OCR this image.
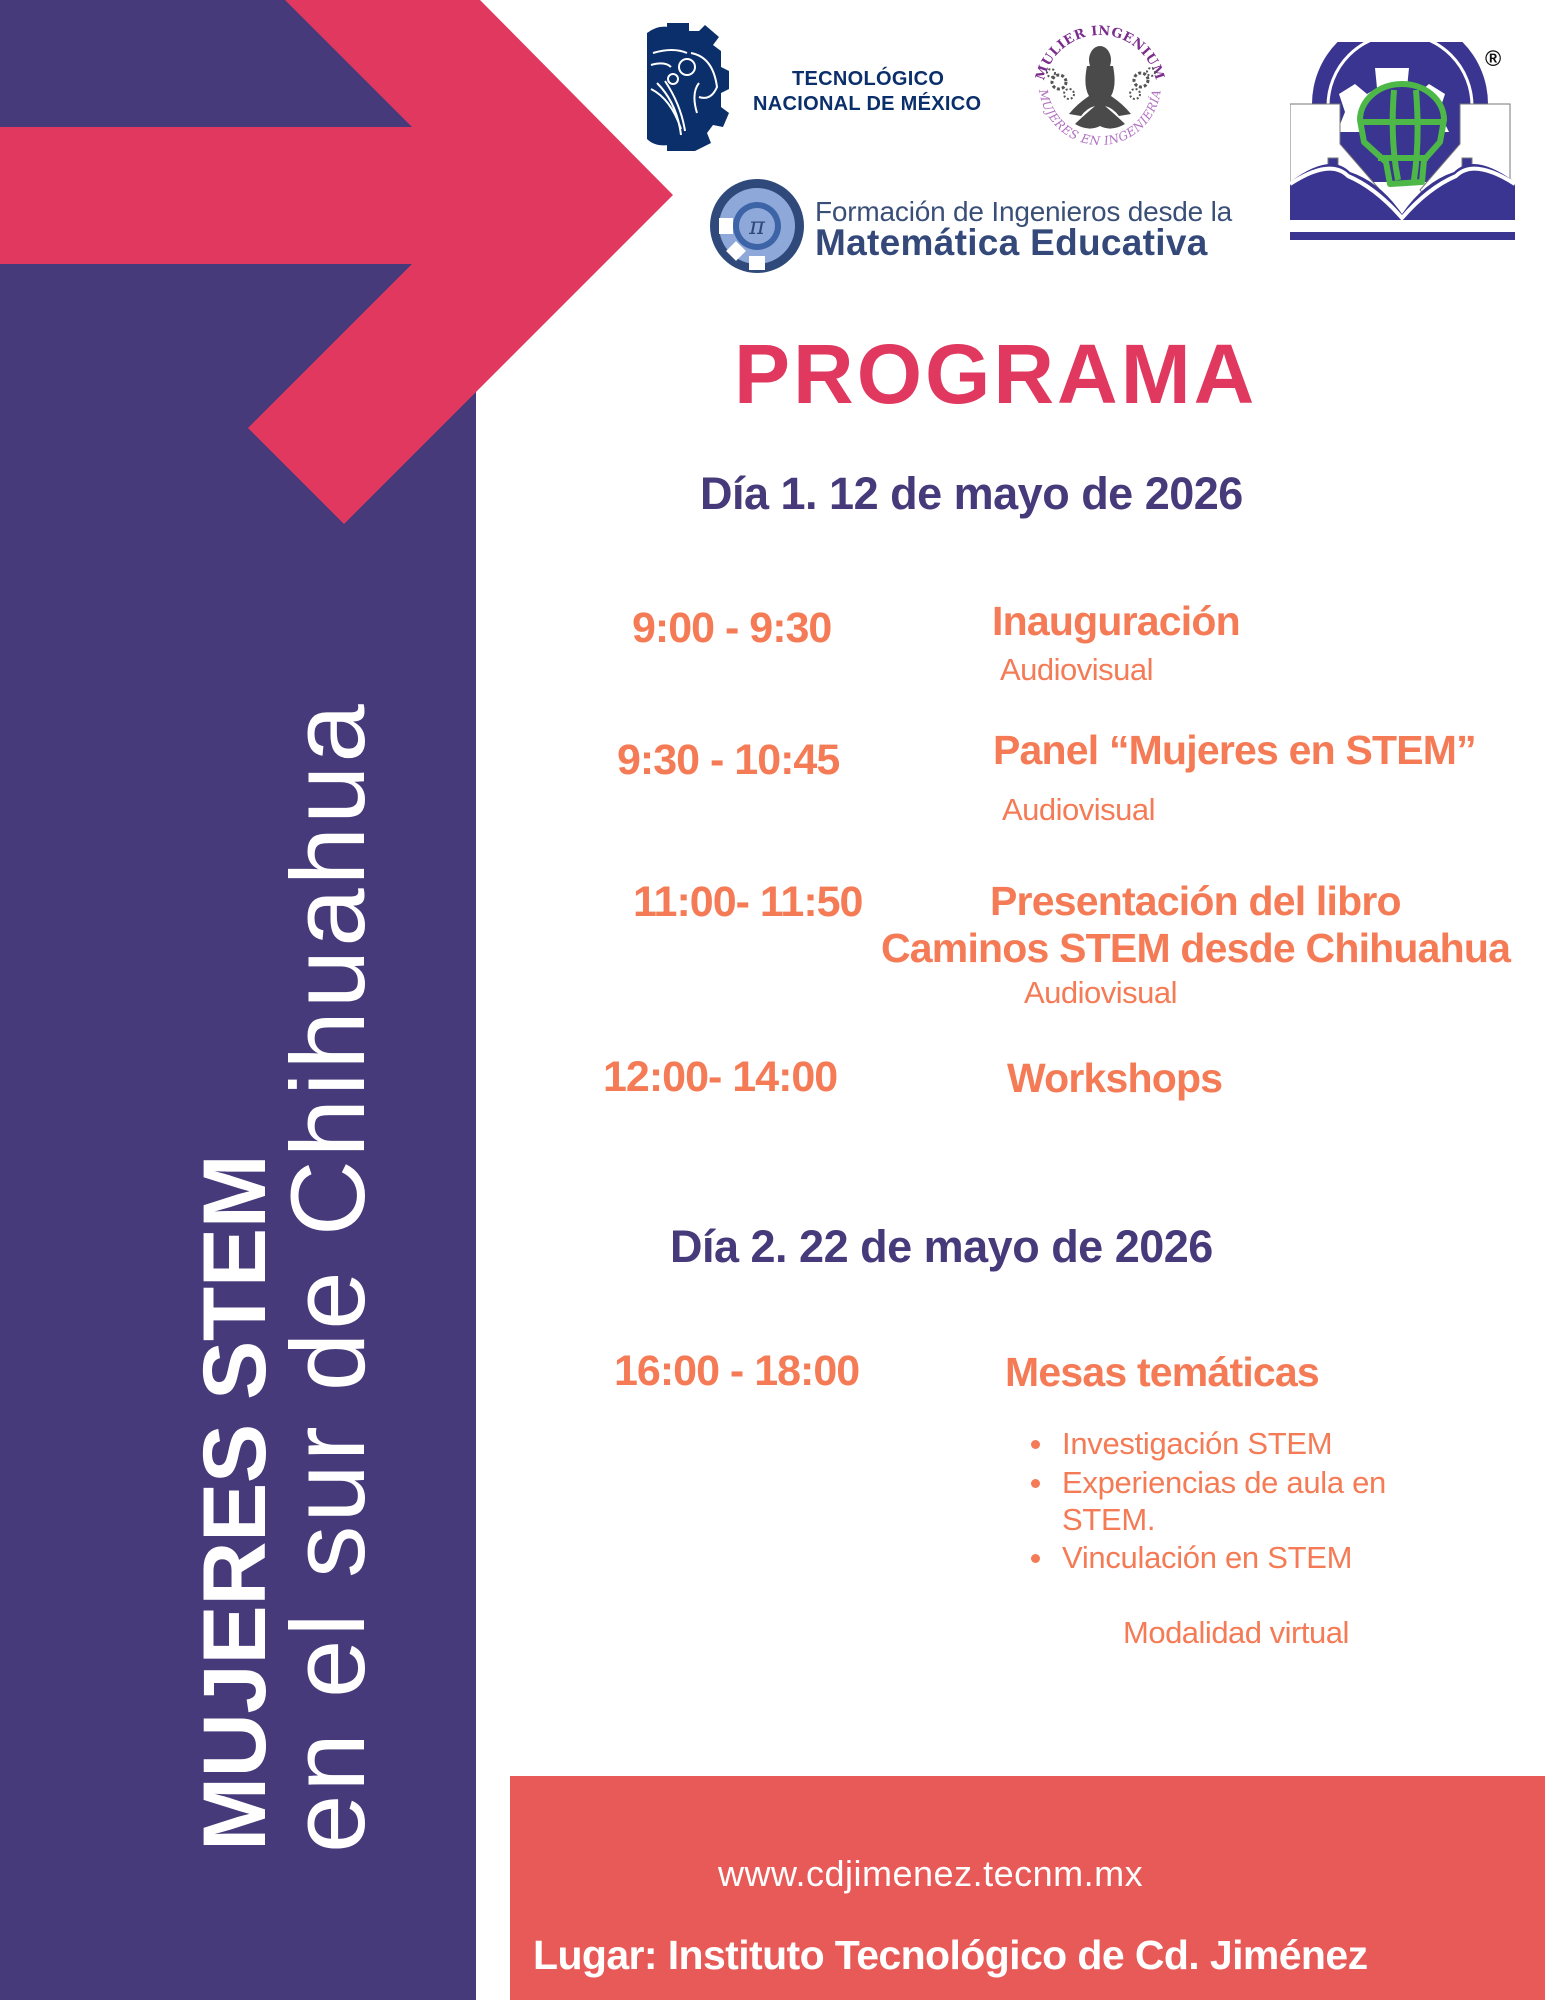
MUJERES STEM
en el sur de Chihuahua
TECNOLÓGICO
NACIONAL DE MÉXICO
MULIER INGENIUM
MUJERES EN INGENIERÍA
®
π Formación de Ingenieros desde la
Matemática Educativa
PROGRAMA
Día 1. 12 de mayo de 2026
9:00 - 9:30	Inauguración
Audiovisual
9:30 - 10:45	Panel “Mujeres en STEM”
Audiovisual
11:00- 11:50	Presentación del libro
Caminos STEM desde Chihuahua
Audiovisual
12:00- 14:00	Workshops
Día 2. 22 de mayo de 2026
16:00 - 18:00	Mesas temáticas
Investigación STEM
Experiencias de aula en
STEM.
Vinculación en STEM
Modalidad virtual
www.cdjimenez.tecnm.mx
Lugar: Instituto Tecnológico de Cd. Jiménez
